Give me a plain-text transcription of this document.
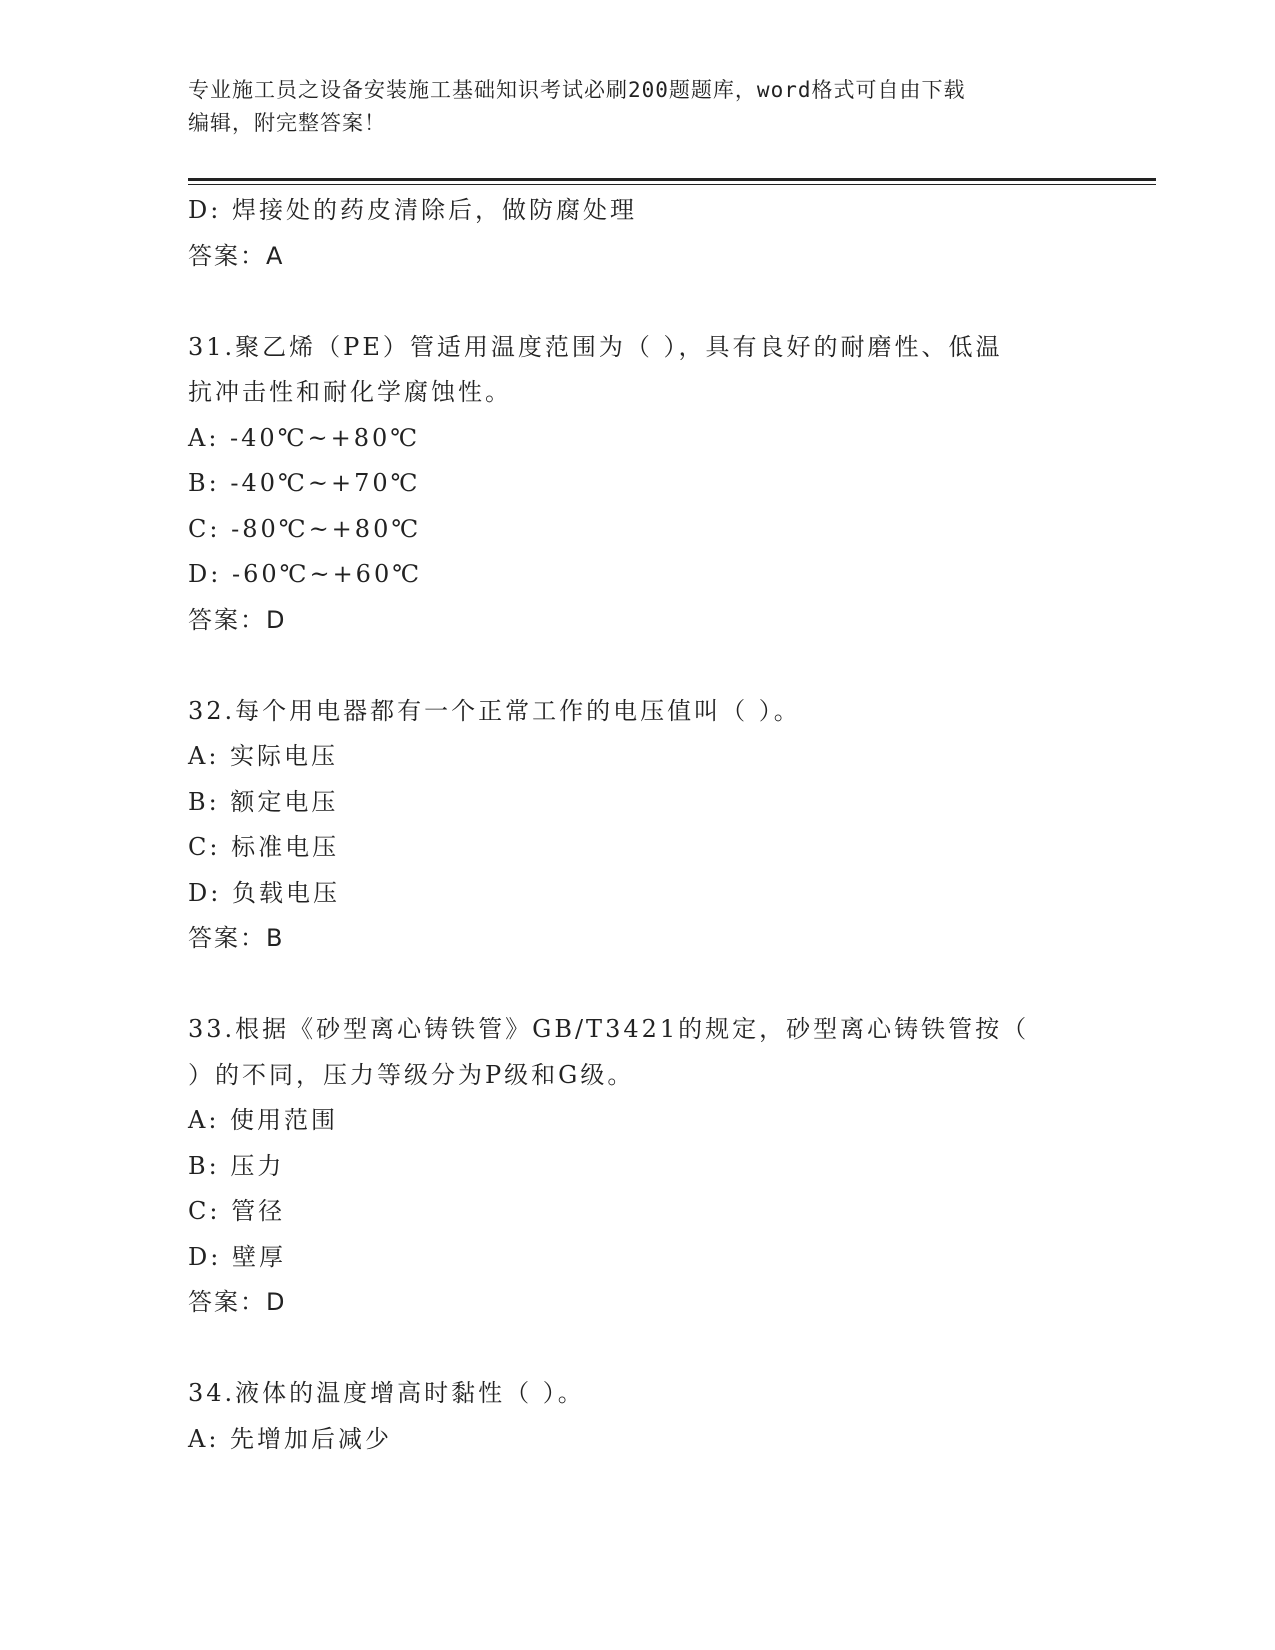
专业施工员之设备安装施工基础知识考试必刷200题题库，word格式可自由下载
编辑，附完整答案！
D: 焊接处的药皮清除后，做防腐处理
答案：A
31.聚乙烯（PE）管适用温度范围为（ ），具有良好的耐磨性、低温
抗冲击性和耐化学腐蚀性。
A: -40℃~+80℃
B: -40℃~+70℃
C: -80℃~+80℃
D: -60℃~+60℃
答案：D
32.每个用电器都有一个正常工作的电压值叫（ ）。
A: 实际电压
B: 额定电压
C: 标准电压
D: 负载电压
答案：B
33.根据《砂型离心铸铁管》GB/T3421的规定，砂型离心铸铁管按（
）的不同，压力等级分为P级和G级。
A: 使用范围
B: 压力
C: 管径
D: 壁厚
答案：D
34.液体的温度增高时黏性（ ）。
A: 先增加后减少
